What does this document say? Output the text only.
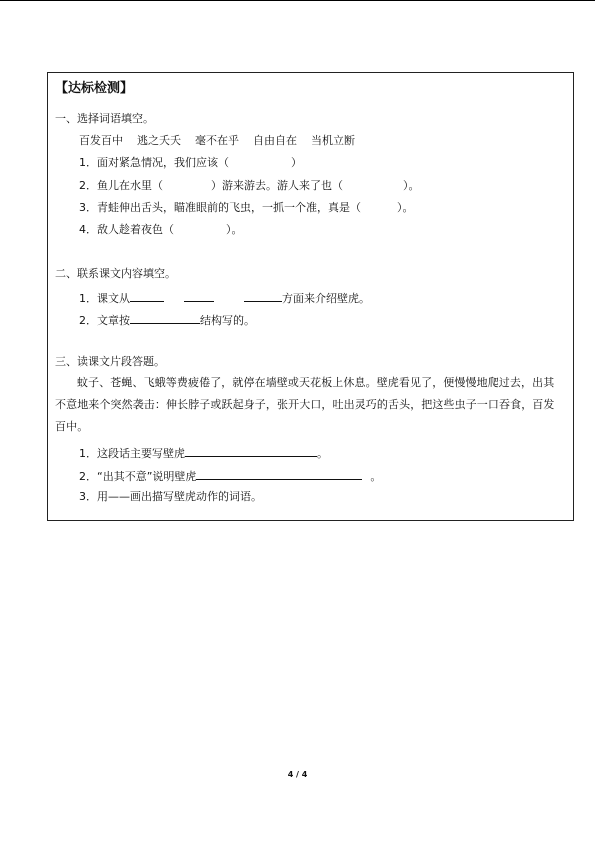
【达标检测】
一、选择词语填空。
百发百中 逃之夭夭 毫不在乎 自由自在 当机立断
1．面对紧急情况，我们应该（	）
2．鱼儿在水里（	）游来游去。游人来了也（	）。
3．青蛙伸出舌头，瞄准眼前的飞虫，一抓一个准，真是（	）。
4．敌人趁着夜色（	）。
二、联系课文内容填空。
1．课文从	方面来介绍壁虎。
2．文章按	结构写的。
三、读课文片段答题。
蚊子、苍蝇、飞蛾等费疲倦了，就停在墙壁或天花板上休息。壁虎看见了，便慢慢地爬过去，出其不意地来个突然袭击：伸长脖子或跃起身子，张开大口，吐出灵巧的舌头，把这些虫子一口吞食，百发百中。
1．这段话主要写壁虎	。
2．“出其不意”说明壁虎	。
3．用——画出描写壁虎动作的词语。
4 / 4
